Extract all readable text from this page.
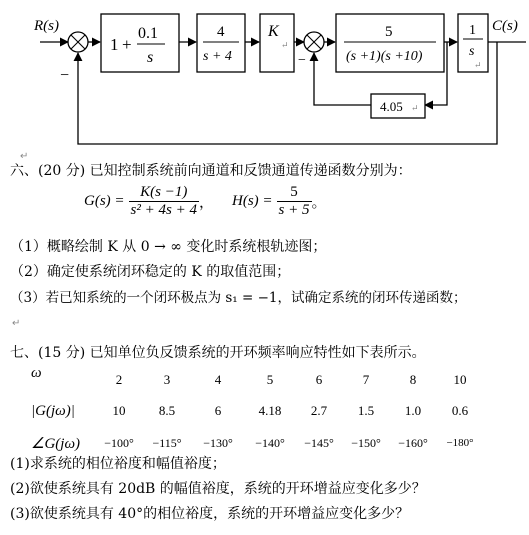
R(s)
−
1 +
0.1
s
4
s + 4
K
↵
−
5
(s +1)(s +10)
1
s
↵
C(s)
4.05 ↵
↵
六、(20 分) 已知控制系统前向通道和反馈通道传递函数分别为：
$G(s) = \frac{K(s -1)}{\text{s² + 4s + 4}}$ ， $H(s) = \frac{5}{s + 5}$ 。
（1）概略绘制 K 从 0 → ∞ 变化时系统根轨迹图；
（2）确定使系统闭环稳定的 K 的取值范围；
（3）若已知系统的一个闭环极点为 s₁ = −1，试确定系统的闭环传递函数；
↵
七、(15 分) 已知单位负反馈系统的开环频率响应特性如下表所示。
ω	2	3	4	5	6	7	8	10
|G(jω)|	10	8.5	6	4.18	2.7	1.5	1.0	0.6
∠G(jω)	−100°	−115°	−130°	−140°	−145°	−150°	−160°	−180°
(1)求系统的相位裕度和幅值裕度；
(2)欲使系统具有 20dB 的幅值裕度，系统的开环增益应变化多少？
(3)欲使系统具有 40°的相位裕度，系统的开环增益应变化多少？
